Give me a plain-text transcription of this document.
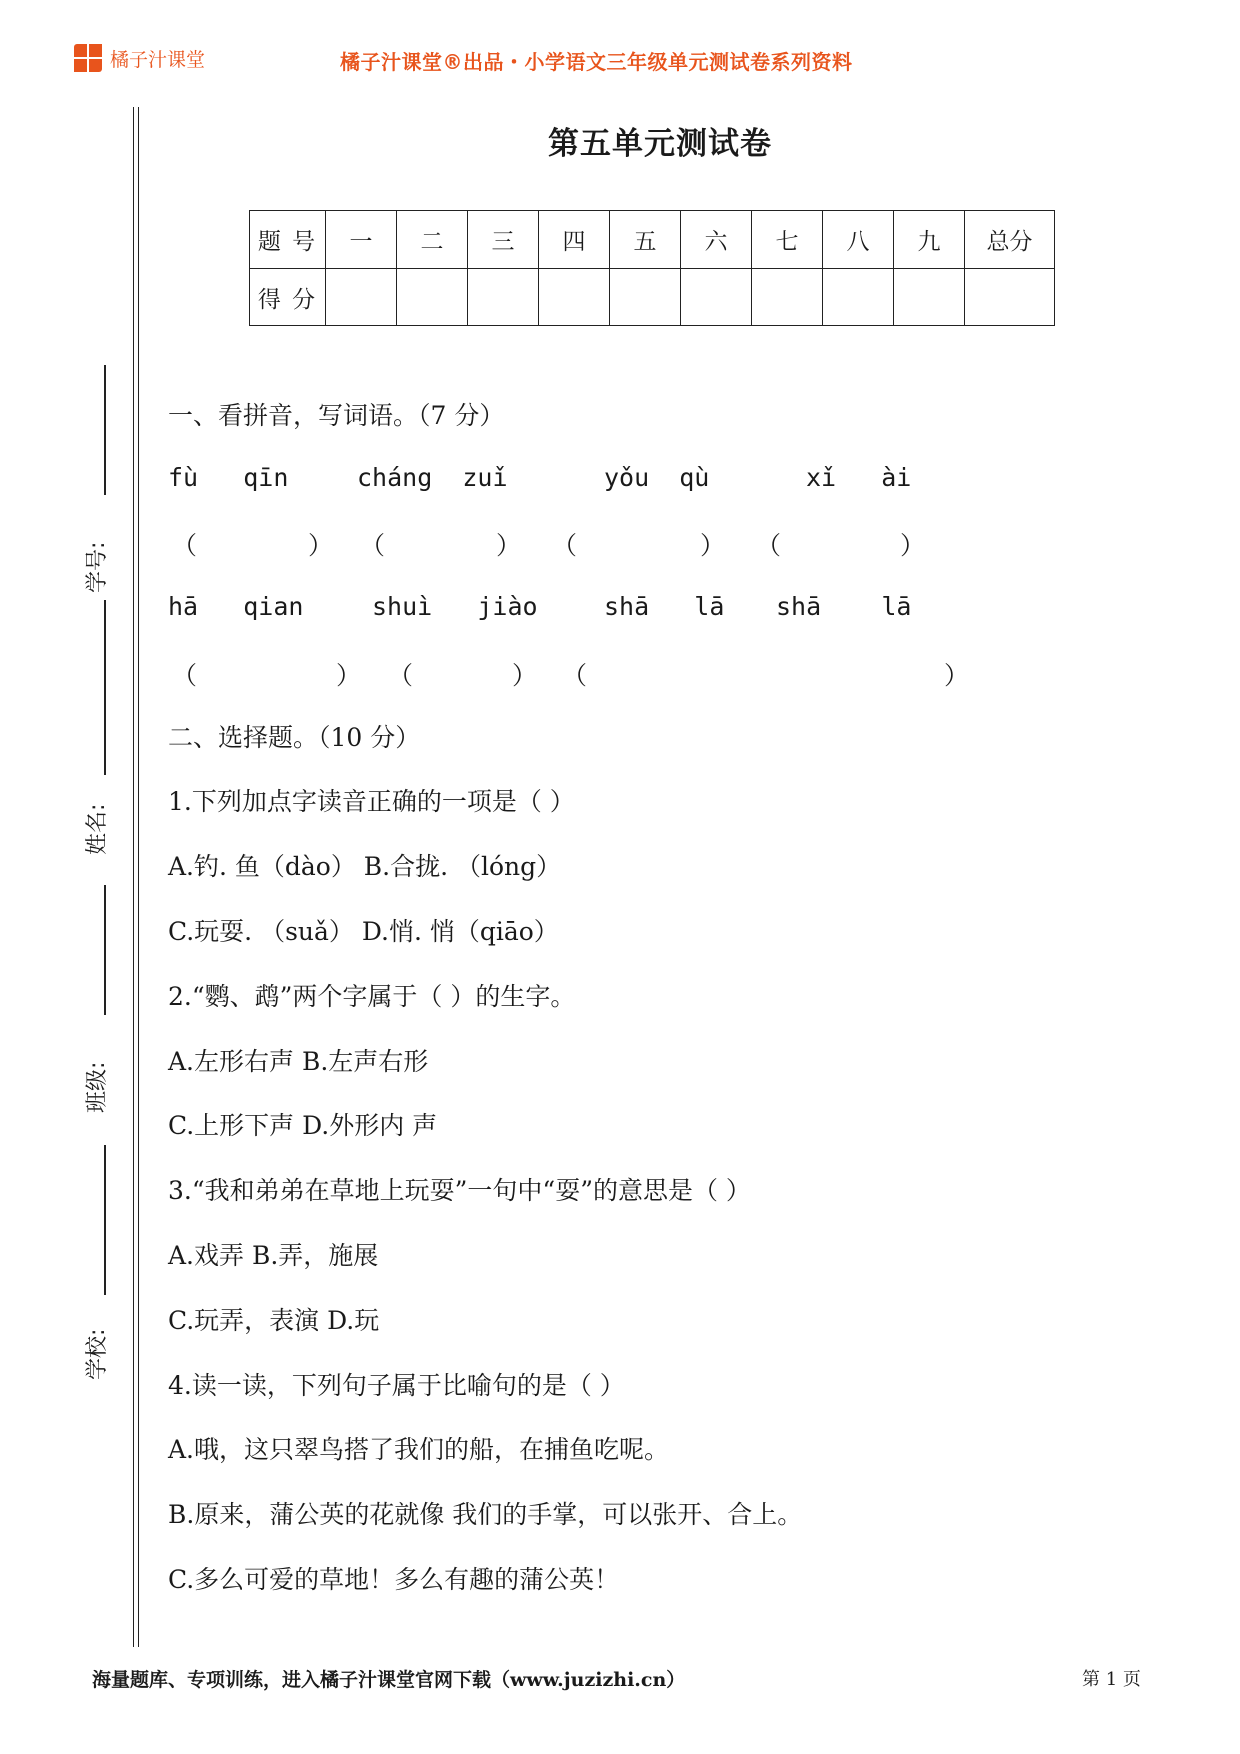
橘子汁课堂	橘子汁课堂®出品・小学语文三年级单元测试卷系列资料
学号:
姓名:
班级:
学校:
第五单元测试卷
题 号	一	二	三	四	五	六	七	八	九	总分
得 分										
一、看拼音，写词语。（7 分）
fù   qīn	cháng  zuǐ	yǒu  qù	xǐ   ài
（	） （	） （	） （	）
hā   qian	shuì   jiào	shā   lā shā    lā
（	） （	） （	）
二、选择题。（10 分）
1.下列加点字读音正确的一项是（ ）
A.钓. 鱼（dào） B.合拢. （lóng）
C.玩耍. （suǎ） D.悄. 悄（qiāo）
2.“鹦、鹉”两个字属于（ ）的生字。
A.左形右声 B.左声右形
C.上形下声 D.外形内 声
3.“我和弟弟在草地上玩耍”一句中“耍”的意思是（ ）
A.戏弄 B.弄，施展
C.玩弄，表演 D.玩
4.读一读，下列句子属于比喻句的是（ ）
A.哦，这只翠鸟搭了我们的船，在捕鱼吃呢。
B.原来，蒲公英的花就像 我们的手掌，可以张开、合上。
C.多么可爱的草地！多么有趣的蒲公英！
海量题库、专项训练，进入橘子汁课堂官网下载（www.juzizhi.cn）	第 1 页
